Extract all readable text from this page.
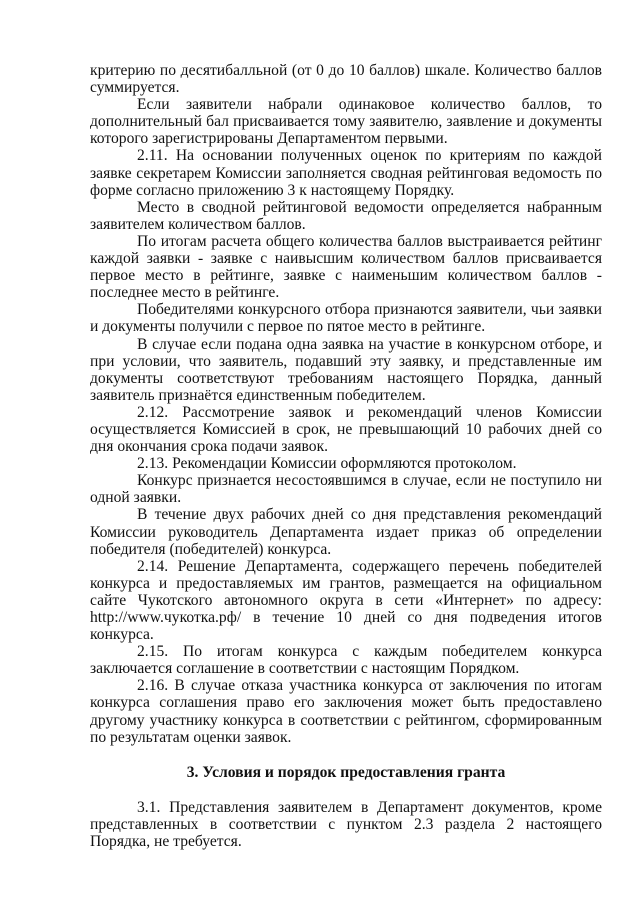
критерию по десятибалльной (от 0 до 10 баллов) шкале. Количество баллов суммируется.

Если заявители набрали одинаковое количество баллов, то дополнительный бал присваивается тому заявителю, заявление и документы которого зарегистрированы Департаментом первыми.

2.11. На основании полученных оценок по критериям по каждой заявке секретарем Комиссии заполняется сводная рейтинговая ведомость по форме согласно приложению 3 к настоящему Порядку.

Место в сводной рейтинговой ведомости определяется набранным заявителем количеством баллов.

По итогам расчета общего количества баллов выстраивается рейтинг каждой заявки - заявке с наивысшим количеством баллов присваивается первое место в рейтинге, заявке с наименьшим количеством баллов - последнее место в рейтинге.

Победителями конкурсного отбора признаются заявители, чьи заявки и документы получили с первое по пятое место в рейтинге.

В случае если подана одна заявка на участие в конкурсном отборе, и при условии, что заявитель, подавший эту заявку, и представленные им документы соответствуют требованиям настоящего Порядка, данный заявитель признаётся единственным победителем.

2.12. Рассмотрение заявок и рекомендаций членов Комиссии осуществляется Комиссией в срок, не превышающий 10 рабочих дней со дня окончания срока подачи заявок.

2.13. Рекомендации Комиссии оформляются протоколом.

Конкурс признается несостоявшимся в случае, если не поступило ни одной заявки.

В течение двух рабочих дней со дня представления рекомендаций Комиссии руководитель Департамента издает приказ об определении победителя (победителей) конкурса.

2.14. Решение Департамента, содержащего перечень победителей конкурса и предоставляемых им грантов, размещается на официальном сайте Чукотского автономного округа в сети «Интернет» по адресу: http://www.чукотка.рф/ в течение 10 дней со дня подведения итогов конкурса.

2.15. По итогам конкурса с каждым победителем конкурса заключается соглашение в соответствии с настоящим Порядком.

2.16. В случае отказа участника конкурса от заключения по итогам конкурса соглашения право его заключения может быть предоставлено другому участнику конкурса в соответствии с рейтингом, сформированным по результатам оценки заявок.

3. Условия и порядок предоставления гранта

3.1. Представления заявителем в Департамент документов, кроме представленных в соответствии с пунктом 2.3 раздела 2 настоящего Порядка, не требуется.
